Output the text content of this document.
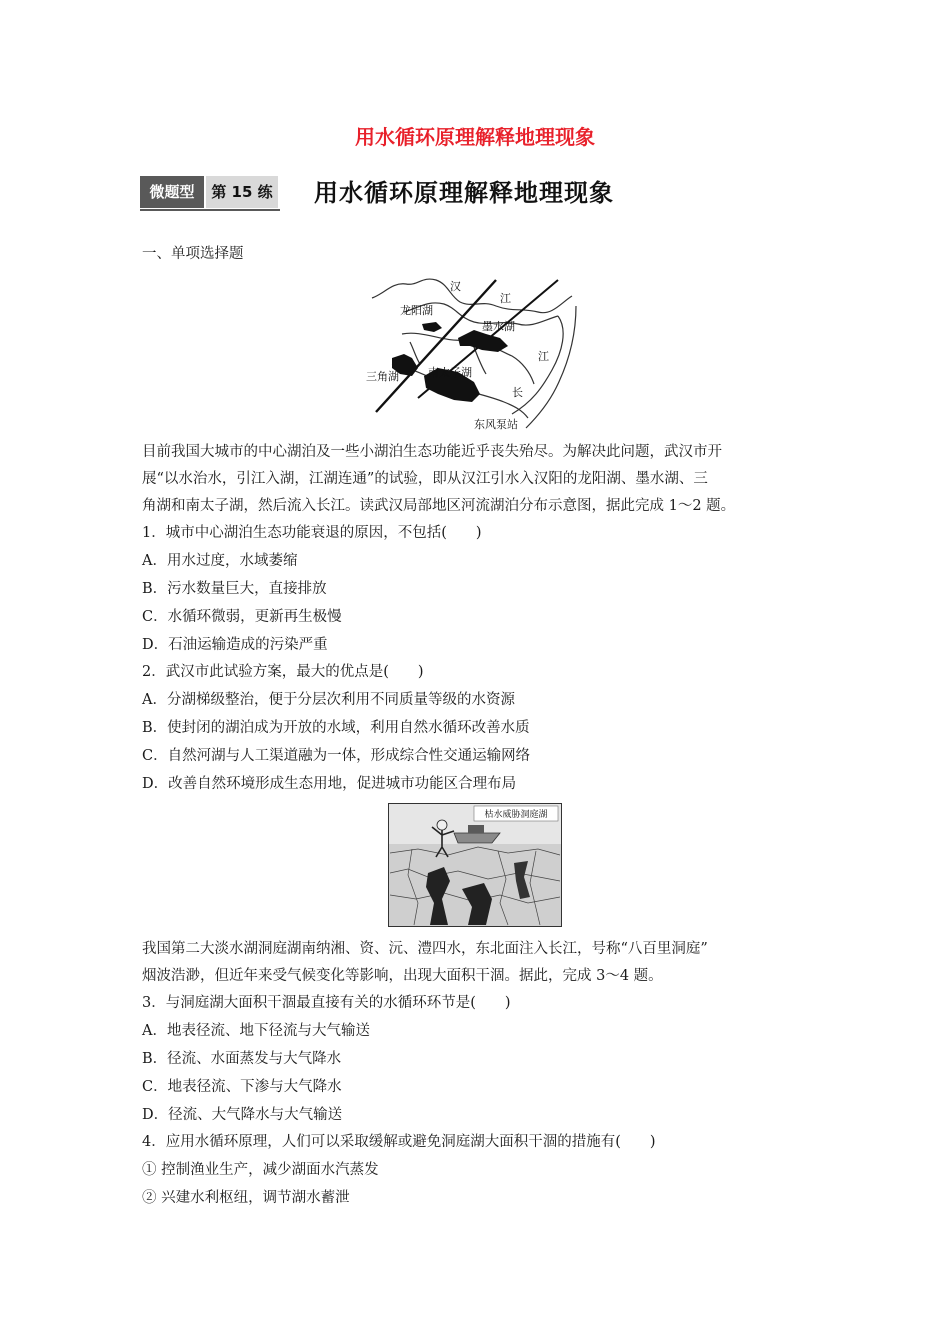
用水循环原理解释地理现象
微题型	第 15 练 用水循环原理解释地理现象
一、单项选择题
汉
江
龙阳湖
墨水湖
江
三角湖	南太子湖
长
东风泵站
目前我国大城市的中心湖泊及一些小湖泊生态功能近乎丧失殆尽。为解决此问题，武汉市开
展“以水治水，引江入湖，江湖连通”的试验，即从汉江引水入汉阳的龙阳湖、墨水湖、三
角湖和南太子湖，然后流入长江。读武汉局部地区河流湖泊分布示意图，据此完成 1～2 题。
1．城市中心湖泊生态功能衰退的原因，不包括(　　)
A．用水过度，水域萎缩
B．污水数量巨大，直接排放
C．水循环微弱，更新再生极慢
D．石油运输造成的污染严重
2．武汉市此试验方案，最大的优点是(　　)
A．分湖梯级整治，便于分层次利用不同质量等级的水资源
B．使封闭的湖泊成为开放的水域，利用自然水循环改善水质
C．自然河湖与人工渠道融为一体，形成综合性交通运输网络
D．改善自然环境形成生态用地，促进城市功能区合理布局
枯水威胁洞庭湖
我国第二大淡水湖洞庭湖南纳湘、资、沅、澧四水，东北面注入长江，号称“八百里洞庭”
烟波浩渺，但近年来受气候变化等影响，出现大面积干涸。据此，完成 3～4 题。
3．与洞庭湖大面积干涸最直接有关的水循环环节是(　　)
A．地表径流、地下径流与大气输送
B．径流、水面蒸发与大气降水
C．地表径流、下渗与大气降水
D．径流、大气降水与大气输送
4．应用水循环原理，人们可以采取缓解或避免洞庭湖大面积干涸的措施有(　　)
① 控制渔业生产，减少湖面水汽蒸发
② 兴建水利枢纽，调节湖水蓄泄
